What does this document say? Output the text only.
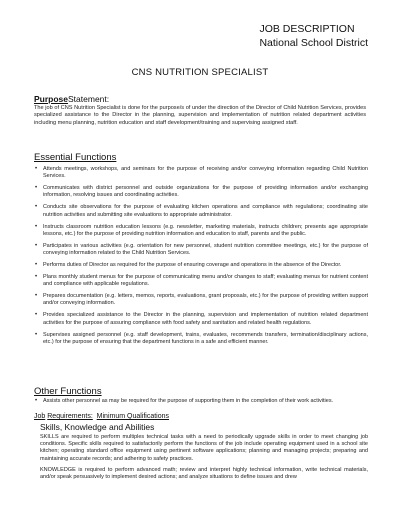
JOB DESCRIPTION
National School District
CNS NUTRITION SPECIALIST
PurposeStatement:
The job of CNS Nutrition Specialist is done for the purpose/s of under the direction of the Director of Child Nutrition Services, provides specialized assistance to the Director in the planning, supervision and implementation of nutrition related department activities including menu planning, nutrition education and staff development/training and supervising assigned staff.
Essential Functions
• Attends meetings, workshops, and seminars for the purpose of receiving and/or conveying information regarding Child Nutrition Services.
• Communicates with district personnel and outside organizations for the purpose of providing information and/or exchanging information, resolving issues and coordinating activities.
• Conducts site observations for the purpose of evaluating kitchen operations and compliance with regulations; coordinating site nutrition activities and submitting site evaluations to appropriate administrator.
• Instructs classroom nutrition education lessons (e.g. newsletter, marketing materials, instructs children; presents age appropriate lessons, etc.) for the purpose of providing nutrition information and education to staff, parents and the public.
• Participates in various activities (e.g. orientation for new personnel, student nutrition committee meetings, etc.) for the purpose of conveying information related to the Child Nutrition Services.
• Performs duties of Director as required for the purpose of ensuring coverage and operations in the absence of the Director.
• Plans monthly student menus for the purpose of communicating menu and/or changes to staff; evaluating menus for nutrient content and compliance with applicable regulations.
• Prepares documentation (e.g. letters, memos, reports, evaluations, grant proposals, etc.) for the purpose of providing written support and/or conveying information.
• Provides specialized assistance to the Director in the planning, supervision and implementation of nutrition related department activities for the purpose of assuring compliance with food safety and sanitation and related health regulations.
• Supervises assigned personnel (e.g. staff development, trains, evaluates, recommends transfers, termination/disciplinary actions, etc.) for the purpose of ensuring that the department functions in a safe and efficient manner.
Other Functions
• Assists other personnel as may be required for the purpose of supporting them in the completion of their work activities.
Job Requirements: Minimum Qualifications
Skills, Knowledge and Abilities

SKILLS are required to perform multiples technical tasks with a need to periodically upgrade skills in order to meet changing job conditions. Specific skills required to satisfactorily perform the functions of the job include operating equipment used in a school site kitchen; operating standard office equipment using pertinent software applications; planning and managing projects; preparing and maintaining accurate records; and adhering to safety practices.

KNOWLEDGE is required to perform advanced math; review and interpret highly technical information, write technical materials, and/or speak persuasively to implement desired actions; and analyze situations to define issues and drew
